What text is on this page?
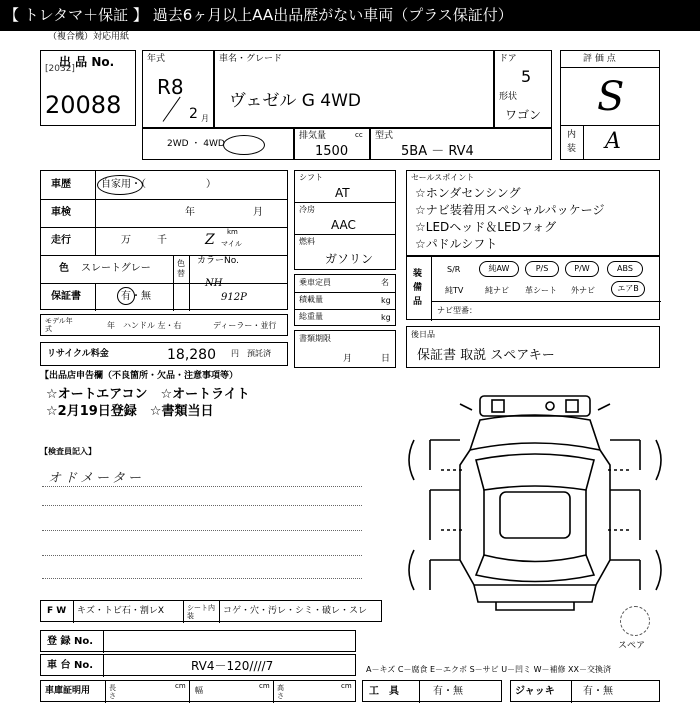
【 トレタマ＋保証 】 過去6ヶ月以上AA出品歴がない車両（プラス保証付）
（複合機）対応用紙
出 品 No.
[2032]
20088
年式
R8
2 月
車名・グレード
ヴェゼル G 4WD
ドア
5
形状
ワゴン
評 価 点
S
内
装 A
2WD ・ 4WD
排気量	cc
1500
型式
5BA － RV4
車歴	自家用・（　　　　　　）
車検	年	月
走行	万	千	Z km
マイル
色 スレートグレー	色替
カラーNo.
NH
912P
保証書	有・無
モデル年式	年 ハンドル 左・右	ディーラー・並行
リサイクル料金	18,280 円 預託済
シフト
AT
冷房
AAC
燃料
ガソリン
乗車定員	名
積載量	kg
総重量	kg
書類期限
月	日
セールスポイント
☆ホンダセンシング
☆ナビ装着用スペシャルパッケージ
☆LEDヘッド＆LEDフォグ
☆パドルシフト
装備品
S/R	純AW	P/S	P/W	ABS
純TV	純ナビ 革シート 外ナビ	エアB
ナビ型番：
後日品
保証書 取説 スペアキー
【出品店申告欄（不良箇所・欠品・注意事項等）
☆オートエアコン　☆オートライト
☆2月19日登録　☆書類当日
【検査員記入】
オドメーター
スペア
F W キズ・トビ石・割レX	シート内装	コゲ・穴・汚レ・シミ・破レ・スレ
登 録 No.
車 台 No.	RV4－120////7	A－キズ C－腐食 E－エクボ S－サビ U－凹ミ W－補修 XX－交換済
車庫証明用	長さ
cm 幅	cm 高さ
cm 工　具	有・無	ジャッキ	有・無
